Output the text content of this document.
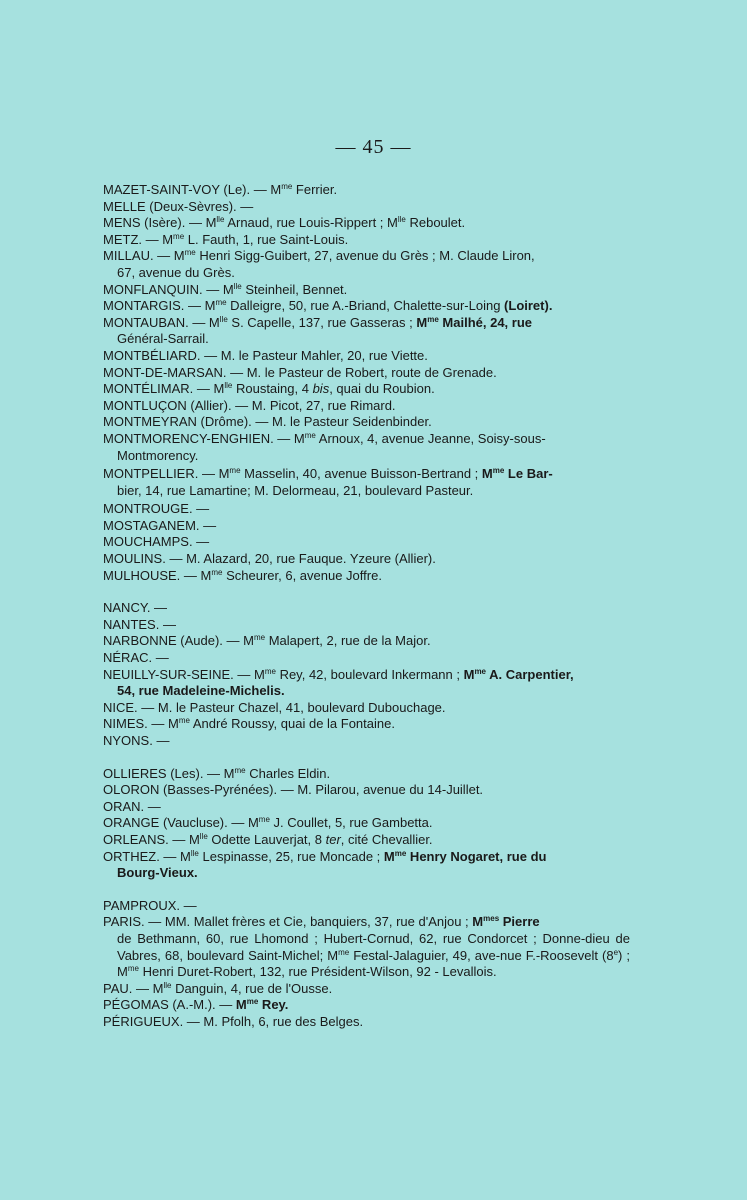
— 45 —

MAZET-SAINT-VOY (Le). — $M^{me}$ Ferrier.

MELLE (Deux-Sèvres). —

MENS (Isère). — $M^{lle}$ Arnaud, rue Louis-Rippert ; $M^{lle}$ Reboulet.

METZ. — $M^{me}$ L. Fauth, 1, rue Saint-Louis.

MILLAU. — $M^{me}$ Henri Sigg-Guibert, 27, avenue du Grès ; M. Claude Liron,
67, avenue du Grès.

MONFLANQUIN. — $M^{lle}$ Steinheil, Bennet.

MONTARGIS. — $M^{me}$ Dalleigre, 50, rue A.-Briand, Chalette-sur-Loing (Loiret).

MONTAUBAN. — $M^{lle}$ S. Capelle, 137, rue Gasseras ; $M^{me}$ Mailhé, 24, rue
Général-Sarrail.

MONTBÉLIARD. — M. le Pasteur Mahler, 20, rue Viette.

MONT-DE-MARSAN. — M. le Pasteur de Robert, route de Grenade.

MONTÉLIMAR. — $M^{lle}$ Roustaing, 4 bis, quai du Roubion.

MONTLUÇON (Allier). — M. Picot, 27, rue Rimard.

MONTMEYRAN (Drôme). — M. le Pasteur Seidenbinder.

MONTMORENCY-ENGHIEN. — $M^{me}$ Arnoux, 4, avenue Jeanne, Soisy-sous-
Montmorency.

MONTPELLIER. — $M^{me}$ Masselin, 40, avenue Buisson-Bertrand ; $M^{me}$ Le Bar-
bier, 14, rue Lamartine; M. Delormeau, 21, boulevard Pasteur.

MONTROUGE. —

MOSTAGANEM. —

MOUCHAMPS. —

MOULINS. — M. Alazard, 20, rue Fauque. Yzeure (Allier).

MULHOUSE. — $M^{me}$ Scheurer, 6, avenue Joffre.

NANCY. —

NANTES. —

NARBONNE (Aude). — $M^{me}$ Malapert, 2, rue de la Major.

NÉRAC. —

NEUILLY-SUR-SEINE. — $M^{me}$ Rey, 42, boulevard Inkermann ; $M^{me}$ A. Carpentier,
54, rue Madeleine-Michelis.

NICE. — M. le Pasteur Chazel, 41, boulevard Dubouchage.

NIMES. — $M^{me}$ André Roussy, quai de la Fontaine.

NYONS. —

OLLIERES (Les). — $M^{me}$ Charles Eldin.

OLORON (Basses-Pyrénées). — M. Pilarou, avenue du 14-Juillet.

ORAN. —

ORANGE (Vaucluse). — $M^{me}$ J. Coullet, 5, rue Gambetta.

ORLEANS. — $M^{lle}$ Odette Lauverjat, 8 ter, cité Chevallier.

ORTHEZ. — $M^{lle}$ Lespinasse, 25, rue Moncade ; $M^{me}$ Henry Nogaret, rue du
Bourg-Vieux.

PAMPROUX. —

PARIS. — MM. Mallet frères et Cie, banquiers, 37, rue d'Anjou ; $M^{mes}$ Pierre
de Bethmann, 60, rue Lhomond ; Hubert-Cornud, 62, rue Condorcet ; Donne-dieu de Vabres, 68, boulevard Saint-Michel; $M^{me}$ Festal-Jalaguier, 49, ave-nue F.-Roosevelt (8e) ; $M^{me}$ Henri Duret-Robert, 132, rue Président-Wilson, 92 - Levallois.

PAU. — $M^{lle}$ Danguin, 4, rue de l'Ousse.

PÉGOMAS (A.-M.). — $M^{me}$ Rey.

PÉRIGUEUX. — M. Pfolh, 6, rue des Belges.
